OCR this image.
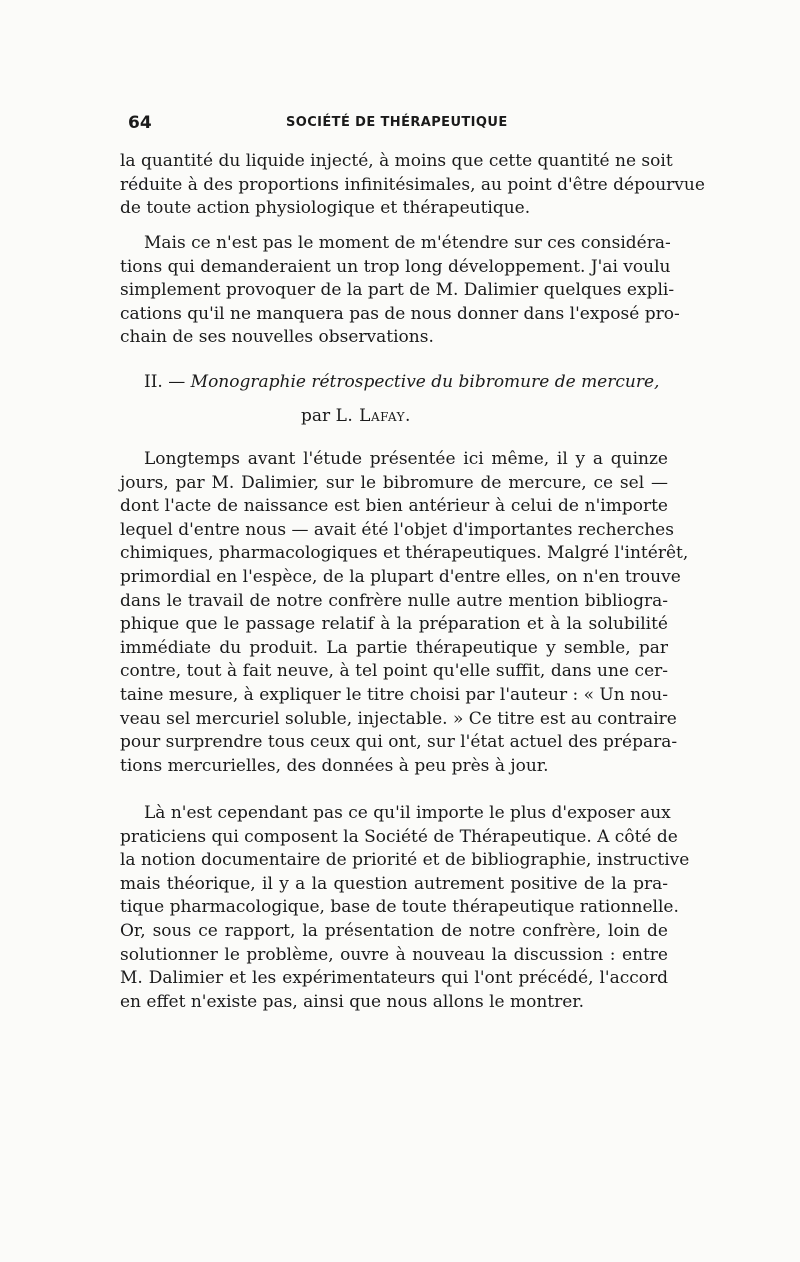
64	SOCIÉTÉ DE THÉRAPEUTIQUE
la quantité du liquide injecté, à moins que cette quantité ne soit
réduite à des proportions infinitésimales, au point d'être dépourvue
de toute action physiologique et thérapeutique.
Mais ce n'est pas le moment de m'étendre sur ces considéra-
tions qui demanderaient un trop long développement. J'ai voulu
simplement provoquer de la part de M. Dalimier quelques expli-
cations qu'il ne manquera pas de nous donner dans l'exposé pro-
chain de ses nouvelles observations.
II. — Monographie rétrospective du bibromure de mercure,
par L. Lafay.
Longtemps avant l'étude présentée ici même, il y a quinze
jours, par M. Dalimier, sur le bibromure de mercure, ce sel —
dont l'acte de naissance est bien antérieur à celui de n'importe
lequel d'entre nous — avait été l'objet d'importantes recherches
chimiques, pharmacologiques et thérapeutiques. Malgré l'intérêt,
primordial en l'espèce, de la plupart d'entre elles, on n'en trouve
dans le travail de notre confrère nulle autre mention bibliogra-
phique que le passage relatif à la préparation et à la solubilité
immédiate du produit. La partie thérapeutique y semble, par
contre, tout à fait neuve, à tel point qu'elle suffit, dans une cer-
taine mesure, à expliquer le titre choisi par l'auteur : « Un nou-
veau sel mercuriel soluble, injectable. » Ce titre est au contraire
pour surprendre tous ceux qui ont, sur l'état actuel des prépara-
tions mercurielles, des données à peu près à jour.
Là n'est cependant pas ce qu'il importe le plus d'exposer aux
praticiens qui composent la Société de Thérapeutique. A côté de
la notion documentaire de priorité et de bibliographie, instructive
mais théorique, il y a la question autrement positive de la pra-
tique pharmacologique, base de toute thérapeutique rationnelle.
Or, sous ce rapport, la présentation de notre confrère, loin de
solutionner le problème, ouvre à nouveau la discussion : entre
M. Dalimier et les expérimentateurs qui l'ont précédé, l'accord
en effet n'existe pas, ainsi que nous allons le montrer.
